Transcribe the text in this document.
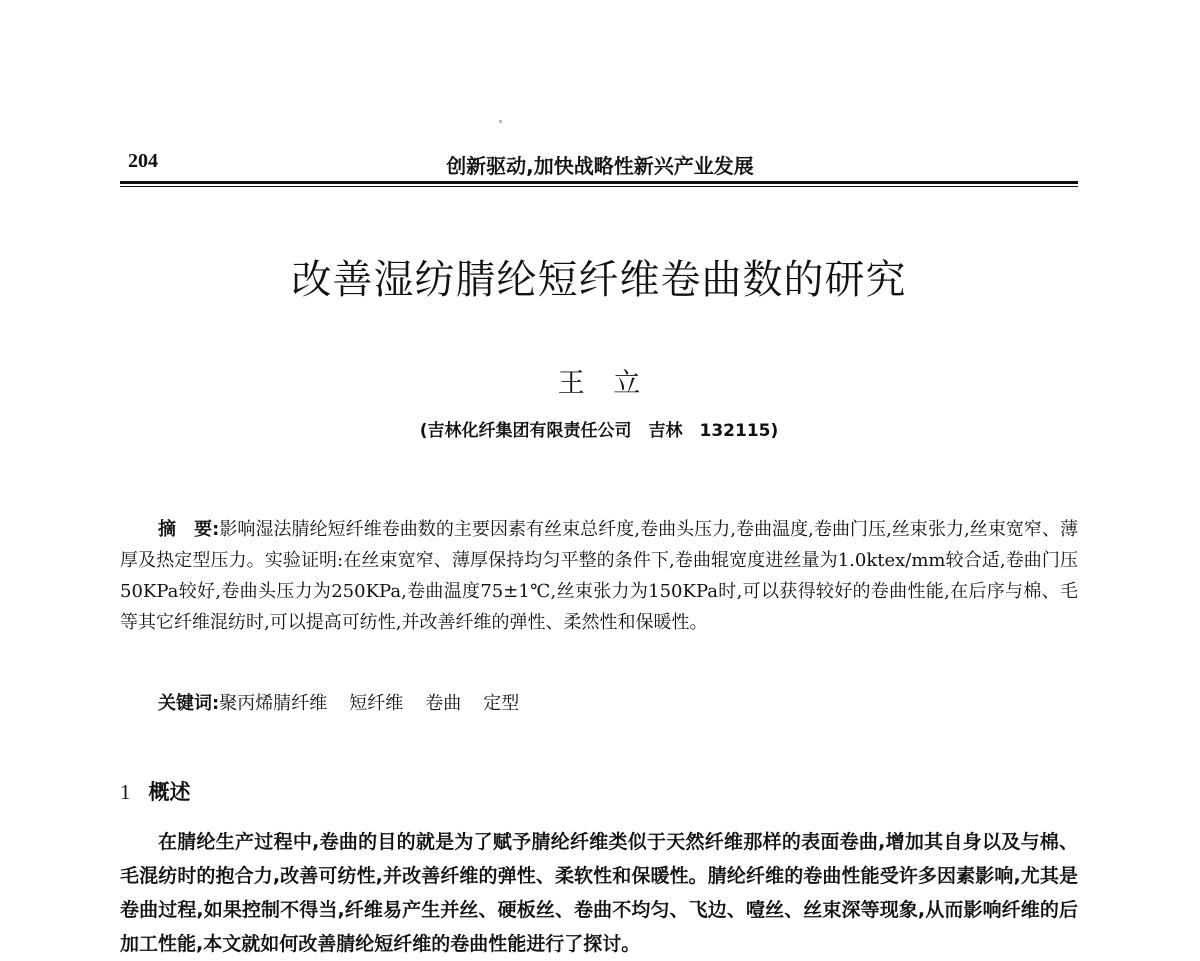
204	创新驱动,加快战略性新兴产业发展
改善湿纺腈纶短纤维卷曲数的研究
王 立
(吉林化纤集团有限责任公司　吉林　132115)
摘　要:影响湿法腈纶短纤维卷曲数的主要因素有丝束总纤度,卷曲头压力,卷曲温度,卷曲门压,丝束张力,丝束宽窄、薄厚及热定型压力。实验证明:在丝束宽窄、薄厚保持均匀平整的条件下,卷曲辊宽度进丝量为1.0ktex/mm较合适,卷曲门压50KPa较好,卷曲头压力为250KPa,卷曲温度75±1℃,丝束张力为150KPa时,可以获得较好的卷曲性能,在后序与棉、毛等其它纤维混纺时,可以提高可纺性,并改善纤维的弹性、柔然性和保暖性。
关键词:聚丙烯腈纤维 短纤维 卷曲 定型
1 概述
在腈纶生产过程中,卷曲的目的就是为了赋予腈纶纤维类似于天然纤维那样的表面卷曲,增加其自身以及与棉、毛混纺时的抱合力,改善可纺性,并改善纤维的弹性、柔软性和保暖性。腈纶纤维的卷曲性能受许多因素影响,尤其是卷曲过程,如果控制不得当,纤维易产生并丝、硬板丝、卷曲不均匀、飞边、噎丝、丝束深等现象,从而影响纤维的后加工性能,本文就如何改善腈纶短纤维的卷曲性能进行了探讨。
